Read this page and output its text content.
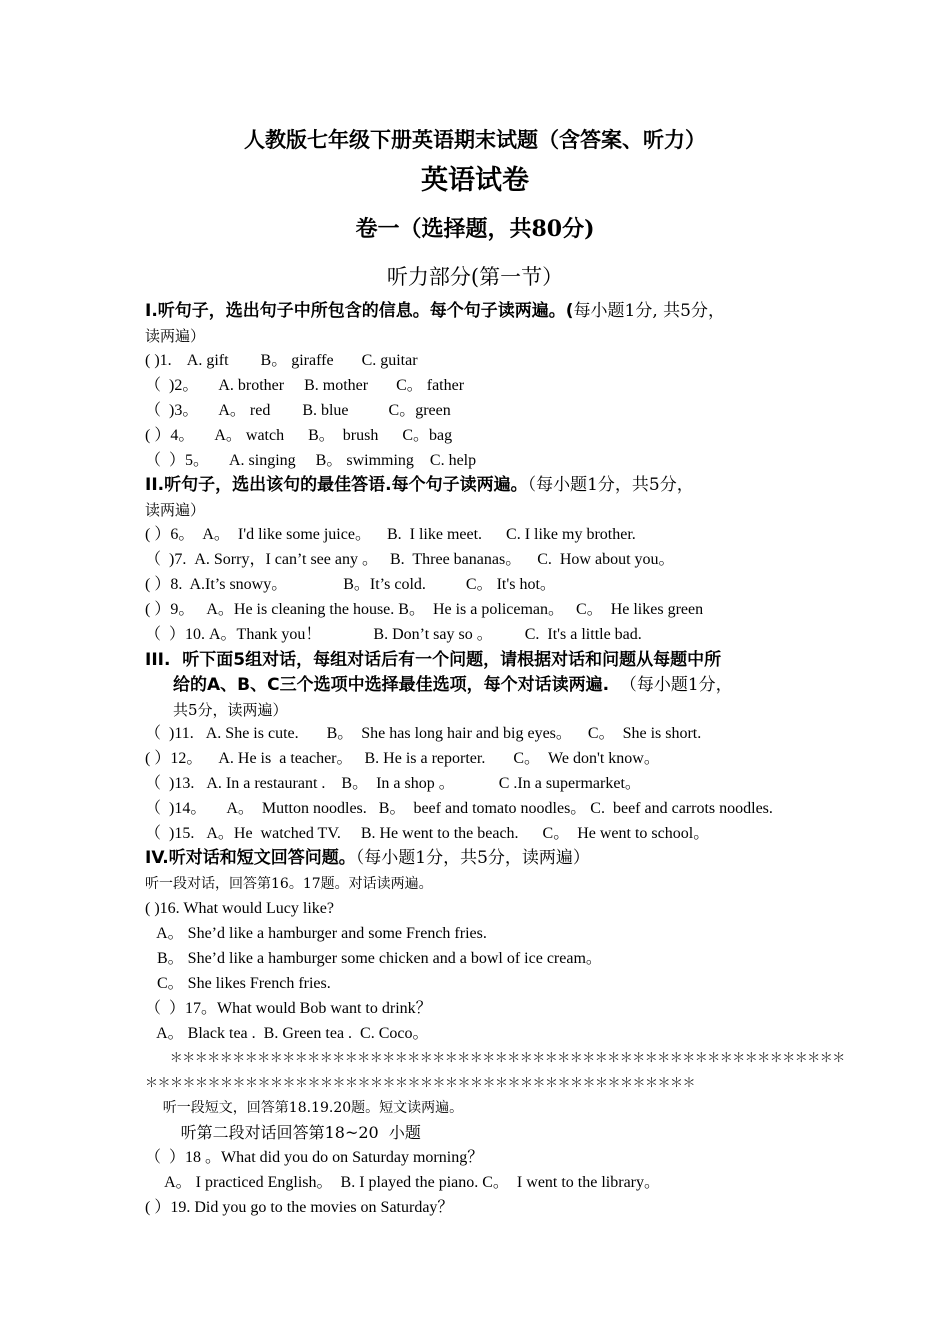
人教版七年级下册英语期末试题（含答案、听力）
英语试卷
卷一（选择题，共80分)
听力部分(第一节）
I.听句子，选出句子中所包含的信息。每个句子读两遍。(每小题1分, 共5分，
读两遍）
( )1.    A. gift        B。 giraffe       C. guitar
（  )2。     A. brother     B. mother       C。 father
（  )3。     A。 red        B. blue          C。green
( ）4。     A。 watch      B。  brush      C。bag
（  ）5。     A. singing     B。 swimming    C. help
II.听句子，选出该句的最佳答语.每个句子读两遍。（每小题1分，共5分，
读两遍）
( ）6。  A。  I'd like some juice。    B.  I like meet.      C. I like my brother.
（  )7.  A. Sorry，I can’t see any 。   B.  Three bananas。    C.  How about you。
( ）8.  A.It’s snowy。              B。It’s cold.          C。 It's hot。
( ）9。   A。He is cleaning the house. B。  He is a policeman。   C。  He likes green
（  ）10. A。Thank you！             B. Don’t say so 。        C.  It's a little bad.
III.  听下面5组对话，每组对话后有一个问题，请根据对话和问题从每题中所
给的A、B、C三个选项中选择最佳选项，每个对话读两遍.  （每小题1分，
共5分，读两遍）
（  )11.   A. She is cute.       B。  She has long hair and big eyes。    C。  She is short.
( ）12。    A. He is  a teacher。   B. He is a reporter.       C。  We don't know。
（  )13.   A. In a restaurant .    B。  In a shop 。           C .In a supermarket。
（  )14。     A。  Mutton noodles.   B。  beef and tomato noodles。 C.  beef and carrots noodles.
（  )15.   A。He  watched TV.     B. He went to the beach.      C。  He went to school。
IV.听对话和短文回答问题。（每小题1分，共5分，读两遍）
听一段对话，回答第16。17题。对话读两遍。
( )16. What would Lucy like?
A。 She’d like a hamburger and some French fries.
B。 She’d like a hamburger some chicken and a bowl of ice cream。
C。 She likes French fries.
（  ）17。What would Bob want to drink？
A。 Black tea .  B. Green tea .  C. Coco。
＊＊＊＊＊＊＊＊＊＊＊＊＊＊＊＊＊＊＊＊＊＊＊＊＊＊＊＊＊＊＊＊＊＊＊＊＊＊＊＊＊＊＊＊＊＊＊＊＊＊＊＊＊＊
＊＊＊＊＊＊＊＊＊＊＊＊＊＊＊＊＊＊＊＊＊＊＊＊＊＊＊＊＊＊＊＊＊＊＊＊＊＊＊＊＊＊＊＊
听一段短文，回答第18.19.20题。短文读两遍。
听第二段对话回答第18~20  小题
（  ）18 。What did you do on Saturday morning？
A。 I practiced English。  B. I played the piano. C。  I went to the library。
( ）19. Did you go to the movies on Saturday？
